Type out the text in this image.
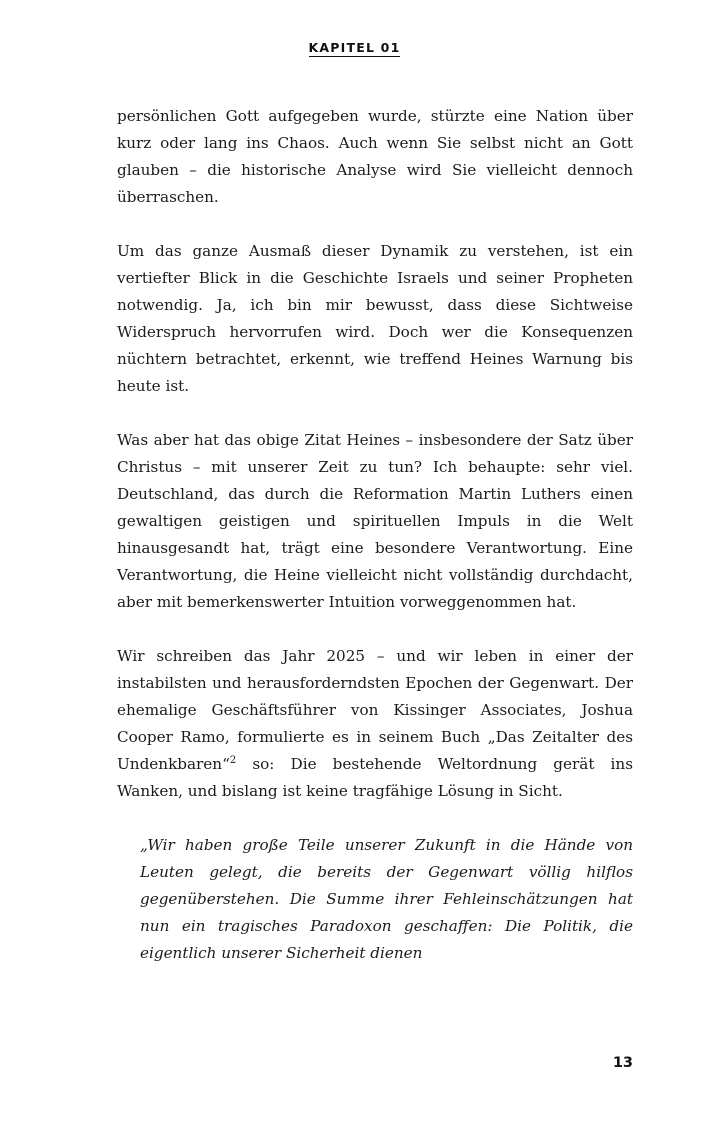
KAPITEL 01

persönlichen Gott aufgegeben wurde, stürzte eine Nation über kurz oder lang ins Chaos. Auch wenn Sie selbst nicht an Gott glauben – die historische Analyse wird Sie vielleicht dennoch überraschen.

Um das ganze Ausmaß dieser Dynamik zu verstehen, ist ein vertiefter Blick in die Geschichte Israels und seiner Propheten notwendig. Ja, ich bin mir bewusst, dass diese Sichtweise Widerspruch hervorrufen wird. Doch wer die Konsequenzen nüchtern betrachtet, erkennt, wie treffend Heines Warnung bis heute ist.

Was aber hat das obige Zitat Heines – insbesondere der Satz über Christus – mit unserer Zeit zu tun? Ich behaupte: sehr viel. Deutschland, das durch die Reformation Martin Luthers einen gewaltigen geistigen und spirituellen Impuls in die Welt hinausgesandt hat, trägt eine besondere Verantwortung. Eine Verantwortung, die Heine vielleicht nicht vollständig durchdacht, aber mit bemerkenswerter Intuition vorweggenommen hat.

Wir schreiben das Jahr 2025 – und wir leben in einer der instabilsten und herausforderndsten Epochen der Gegenwart. Der ehemalige Geschäftsführer von Kissinger Associates, Joshua Cooper Ramo, formulierte es in seinem Buch „Das Zeitalter des Undenkbaren“$^2$ so: Die bestehende Weltordnung gerät ins Wanken, und bislang ist keine tragfähige Lösung in Sicht.

„Wir haben große Teile unserer Zukunft in die Hände von Leuten gelegt, die bereits der Gegenwart völlig hilflos gegenüberstehen. Die Summe ihrer Fehleinschätzungen hat nun ein tragisches Paradoxon geschaffen: Die Politik, die eigentlich unserer Sicherheit dienen
13
